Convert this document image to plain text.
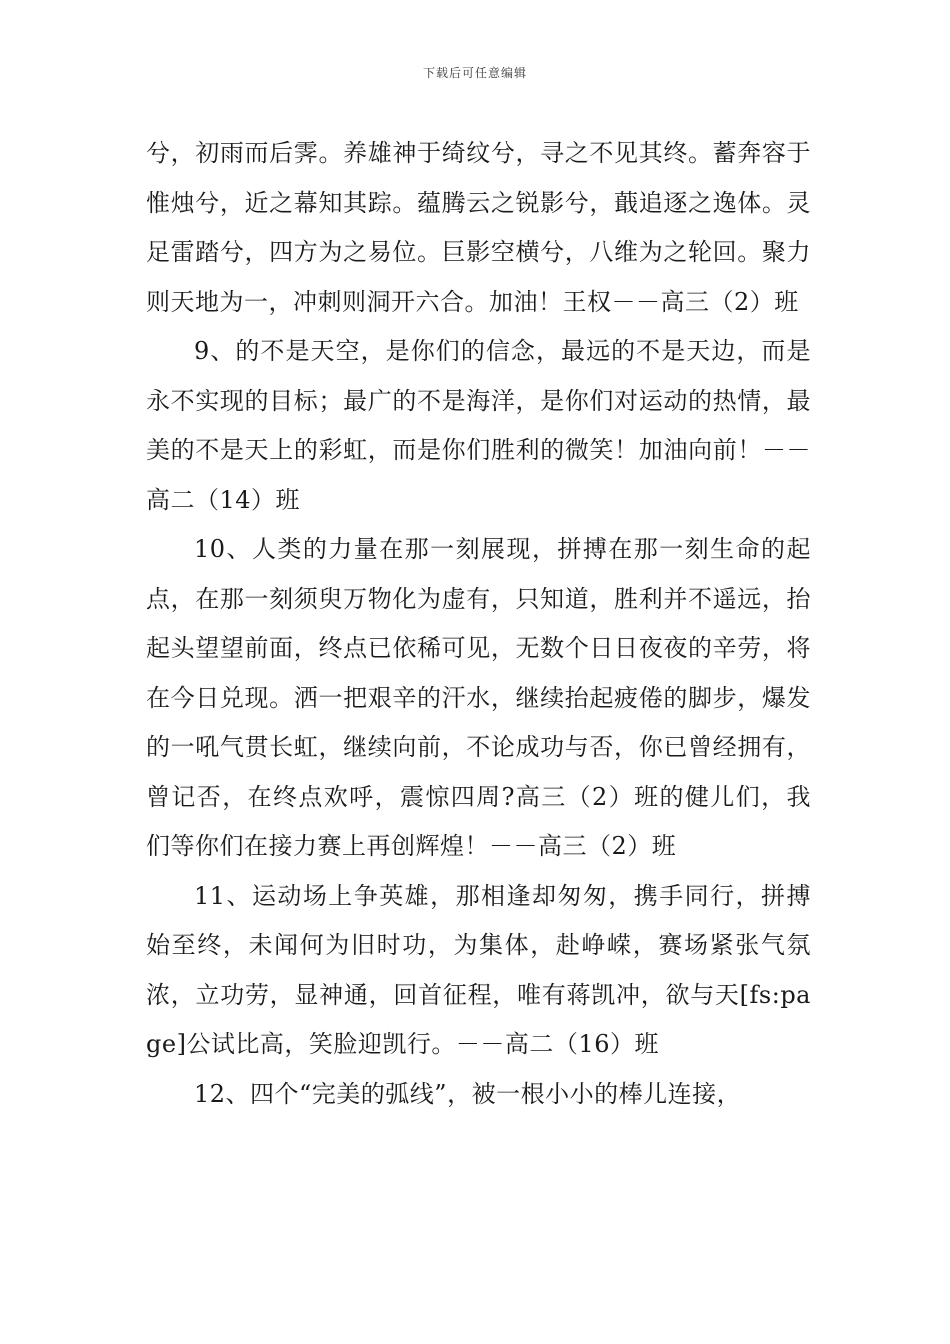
下载后可任意编辑

兮，初雨而后霁。养雄神于绮纹兮，寻之不见其终。蓄奔容于惟烛兮，近之幕知其踪。蕴腾云之锐影兮，蕺追逐之逸体。灵足雷踏兮，四方为之易位。巨影空横兮，八维为之轮回。聚力则天地为一，冲刺则洞开六合。加油！王权－－高三（2）班

9、的不是天空，是你们的信念，最远的不是天边，而是永不实现的目标；最广的不是海洋，是你们对运动的热情，最美的不是天上的彩虹，而是你们胜利的微笑！加油向前！－－高二（14）班

10、人类的力量在那一刻展现，拼搏在那一刻生命的起点，在那一刻须臾万物化为虚有，只知道，胜利并不遥远，抬起头望望前面，终点已依稀可见，无数个日日夜夜的辛劳，将在今日兑现。洒一把艰辛的汗水，继续抬起疲倦的脚步，爆发的一吼气贯长虹，继续向前，不论成功与否，你已曾经拥有，曾记否，在终点欢呼，震惊四周?高三（2）班的健儿们，我们等你们在接力赛上再创辉煌！－－高三（2）班

11、运动场上争英雄，那相逢却匆匆，携手同行，拼搏始至终，未闻何为旧时功，为集体，赴峥嵘，赛场紧张气氛浓，立功劳，显神通，回首征程，唯有蒋凯冲，欲与天[fs:page]公试比高，笑脸迎凯行。－－高二（16）班

12、四个“完美的弧线”，被一根小小的棒儿连接，
